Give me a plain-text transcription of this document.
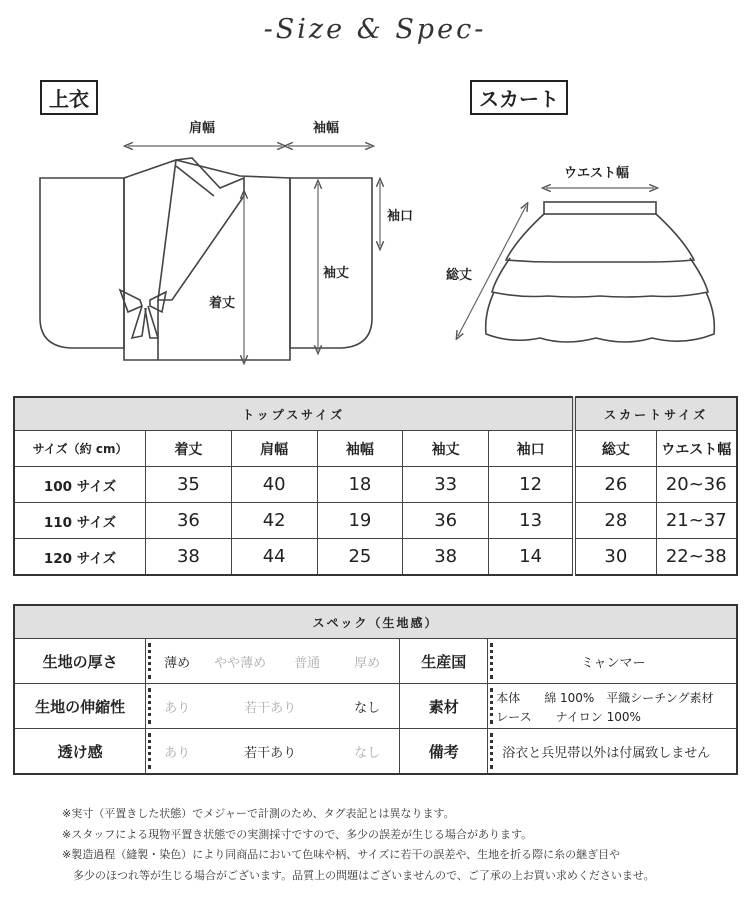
-Size & Spec-
上衣	スカート
肩幅	袖幅
袖口
袖丈
着丈
ウエスト幅
総丈
トップスサイズ						スカートサイズ	
サイズ（約 cm）	着丈	肩幅	袖幅	袖丈	袖口	総丈	ウエスト幅
100 サイズ	35	40	18	33	12	26	20~36
110 サイズ	36	42	19	36	13	28	21~37
120 サイズ	38	44	25	38	14	30	22~38
スペック（生地感）			
生地の厚さ	薄め やや薄め 普通 厚め	生産国	ミャンマー

生地の伸縮性	あり 若干あり なし	素材	本体　　綿 100%　平織シーチング素材
レース　　ナイロン 100%

透け感	あり 若干あり なし	備考	浴衣と兵児帯以外は付属致しません
※実寸（平置きした状態）でメジャーで計測のため、タグ表記とは異なります。
※スタッフによる現物平置き状態での実測採寸ですので、多少の誤差が生じる場合があります。
※製造過程（縫製・染色）により同商品において色味や柄、サイズに若干の誤差や、生地を折る際に糸の継ぎ目や
　多少のほつれ等が生じる場合がございます。品質上の問題はございませんので、ご了承の上お買い求めくださいませ。
